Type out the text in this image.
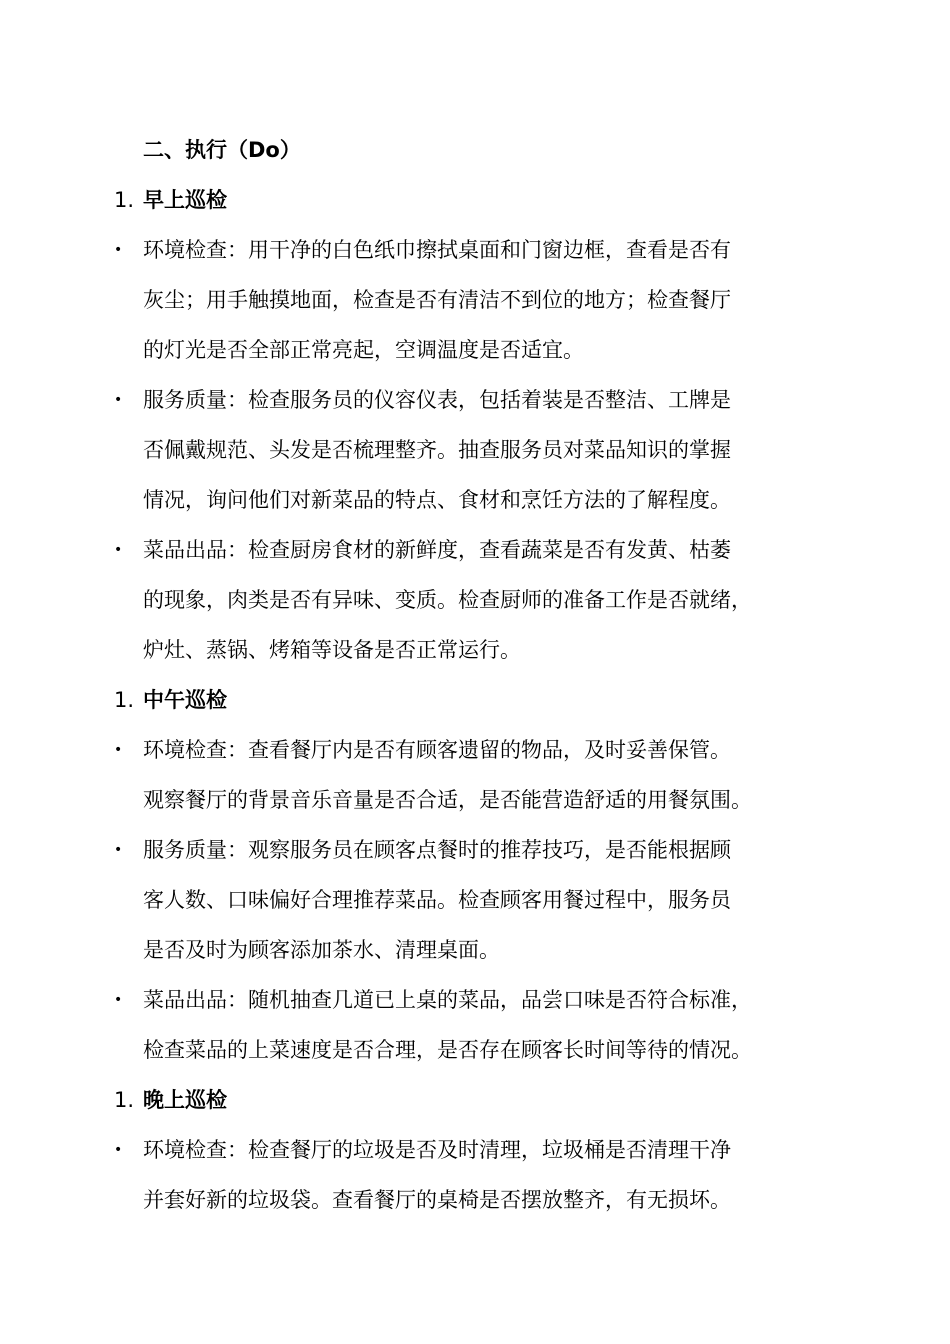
二、执行（Do）
1. 早上巡检
• 环境检查：用干净的白色纸巾擦拭桌面和门窗边框，查看是否有
灰尘；用手触摸地面，检查是否有清洁不到位的地方；检查餐厅
的灯光是否全部正常亮起，空调温度是否适宜。
• 服务质量：检查服务员的仪容仪表，包括着装是否整洁、工牌是
否佩戴规范、头发是否梳理整齐。抽查服务员对菜品知识的掌握
情况，询问他们对新菜品的特点、食材和烹饪方法的了解程度。
• 菜品出品：检查厨房食材的新鲜度，查看蔬菜是否有发黄、枯萎
的现象，肉类是否有异味、变质。检查厨师的准备工作是否就绪，
炉灶、蒸锅、烤箱等设备是否正常运行。
1. 中午巡检
• 环境检查：查看餐厅内是否有顾客遗留的物品，及时妥善保管。
观察餐厅的背景音乐音量是否合适，是否能营造舒适的用餐氛围。
• 服务质量：观察服务员在顾客点餐时的推荐技巧，是否能根据顾
客人数、口味偏好合理推荐菜品。检查顾客用餐过程中，服务员
是否及时为顾客添加茶水、清理桌面。
• 菜品出品：随机抽查几道已上桌的菜品，品尝口味是否符合标准，
检查菜品的上菜速度是否合理，是否存在顾客长时间等待的情况。
1. 晚上巡检
• 环境检查：检查餐厅的垃圾是否及时清理，垃圾桶是否清理干净
并套好新的垃圾袋。查看餐厅的桌椅是否摆放整齐，有无损坏。
